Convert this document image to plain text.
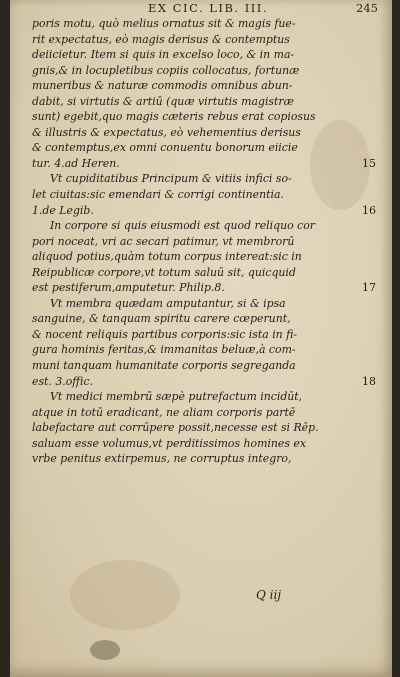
EX CIC. LIB. III.	245
poris motu, quò melius ornatus sit & magis fue-
rit expectatus, eò magis derisus & contemptus
deiicietur. Item si quis in excelso loco, & in ma-
gnis,& in locupletibus copiis collocatus, fortunæ
muneribus & naturæ commodis omnibus abun-
dabit, si virtutis & artiū (quæ virtutis magistræ
sunt) egebit,quo magis cæteris rebus erat copiosus
& illustris & expectatus, eò vehementius derisus
& contemptus,ex omni conuentu bonorum eiicie
tur. 4.ad Heren.	15
Vt cupiditatibus Principum & vitiis infici so-
let ciuitas:sic emendari & corrigi continentia.
1.de Legib.	16
In corpore si quis eiusmodi est quod reliquo cor
pori noceat, vri ac secari patimur, vt membrorū
aliquod potius,quàm totum corpus intereat:sic in
Reipublicæ corpore,vt totum saluū sit, quicquid
est pestiferum,amputetur. Philip.8.	17
Vt membra quædam amputantur, si & ipsa
sanguine, & tanquam spiritu carere cœperunt,
& nocent reliquis partibus corporis:sic ista in fi-
gura hominis feritas,& immanitas beluæ,à com-
muni tanquam humanitate corporis segreganda
est. 3.offic.	18
Vt medici membrū sæpè putrefactum incidūt,
atque in totū eradicant, ne aliam corporis partē
labefactare aut corrūpere possit,necesse est si Rēp.
saluam esse volumus,vt perditissimos homines ex
vrbe penitus extirpemus, ne corruptus integro,
Q iij
